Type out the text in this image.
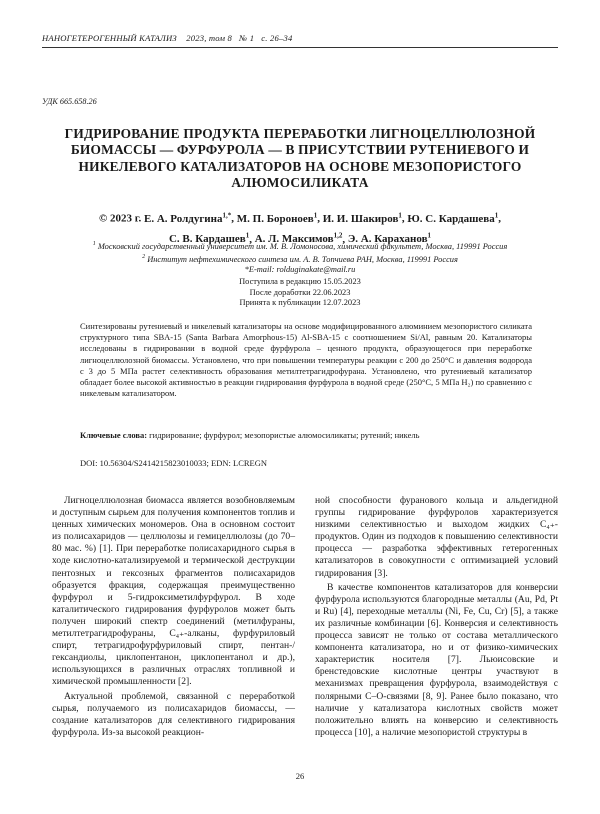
НАНОГЕТЕРОГЕННЫЙ КАТАЛИЗ 2023, том 8   № 1   с. 26–34
УДК 665.658.26
ГИДРИРОВАНИЕ ПРОДУКТА ПЕРЕРАБОТКИ ЛИГНОЦЕЛЛЮЛОЗНОЙ БИОМАССЫ — ФУРФУРОЛА — В ПРИСУТСТВИИ РУТЕНИЕВОГО И НИКЕЛЕВОГО КАТАЛИЗАТОРОВ НА ОСНОВЕ МЕЗОПОРИСТОГО АЛЮМОСИЛИКАТА
© 2023 г. Е. А. Ролдугина$^{1,*}$, М. П. Бороноев$^1$, И. И. Шакиров$^1$, Ю. С. Кардашева$^1$,
С. В. Кардашев$^1$, А. Л. Максимов$^{1,2}$, Э. А. Караханов$^1$
$^1$ Московский государственный университет им. М. В. Ломоносова, химический факультет, Москва, 119991 Россия
$^2$ Институт нефтехимического синтеза им. А. В. Топчиева РАН, Москва, 119991 Россия
*E-mail: rolduginakate@mail.ru
Поступила в редакцию 15.05.2023
После доработки 22.06.2023
Принята к публикации 12.07.2023
Синтезированы рутениевый и никелевый катализаторы на основе модифицированного алюминием мезопористого силиката структурного типа SBA-15 (Santa Barbara Amorphous-15) Al-SBA-15 с соотношением Si/Al, равным 20. Катализаторы исследованы в гидрировании в водной среде фурфурола – ценного продукта, образующегося при переработке лигноцеллюлозной биомассы. Установлено, что при повышении температуры реакции с 200 до 250°C и давления водорода с 3 до 5 МПа растет селективность образования метилтетрагидрофурана. Установлено, что рутениевый катализатор обладает более высокой активностью в реакции гидрирования фурфурола в водной среде (250°C, 5 МПа H₂) по сравнению с никелевым катализатором.
Ключевые слова: гидрирование; фурфурол; мезопористые алюмосиликаты; рутений; никель
DOI: 10.56304/S2414215823010033; EDN: LCREGN

Лигноцеллюлозная биомасса является возобновляемым и доступным сырьем для получения компонентов топлив и ценных химических мономеров. Она в основном состоит из полисахаридов — целлюлозы и гемицеллюлозы (до 70–80 мас. %) [1]. При переработке полисахаридного сырья в ходе кислотно-катализируемой и термической деструкции пентозных и гексозных фрагментов полисахаридов образуется фракция, содержащая преимущественно фурфурол и 5-гидроксиметилфурфурол. В ходе каталитического гидрирования фурфуролов может быть получен широкий спектр соединений (метилфураны, метилтетрагидрофураны, C₄₊-алканы, фурфуриловый спирт, тетрагидрофурфуриловый спирт, пентан-/гександиолы, циклопентанон, циклопентанол и др.), использующихся в различных отраслях топливной и химической промышленности [2].

Актуальной проблемой, связанной с переработкой сырья, получаемого из полисахаридов биомассы, — создание катализаторов для селективного гидрирования фурфурола. Из-за высокой реакцион-

ной способности фуранового кольца и альдегидной группы гидрирование фурфуролов характеризуется низкими селективностью и выходом жидких C₄₊-продуктов. Один из подходов к повышению селективности процесса — разработка эффективных гетерогенных катализаторов в совокупности с оптимизацией условий гидрирования [3].

В качестве компонентов катализаторов для конверсии фурфурола используются благородные металлы (Au, Pd, Pt и Ru) [4], переходные металлы (Ni, Fe, Cu, Cr) [5], а также их различные комбинации [6]. Конверсия и селективность процесса зависят не только от состава металлического компонента катализатора, но и от физико-химических характеристик носителя [7]. Льюисовские и бренстедовские кислотные центры участвуют в механизмах превращения фурфурола, взаимодействуя с полярными C–O-связями [8, 9]. Ранее было показано, что наличие у катализатора кислотных свойств может положительно влиять на конверсию и селективность процесса [10], а наличие мезопористой структуры в

26
